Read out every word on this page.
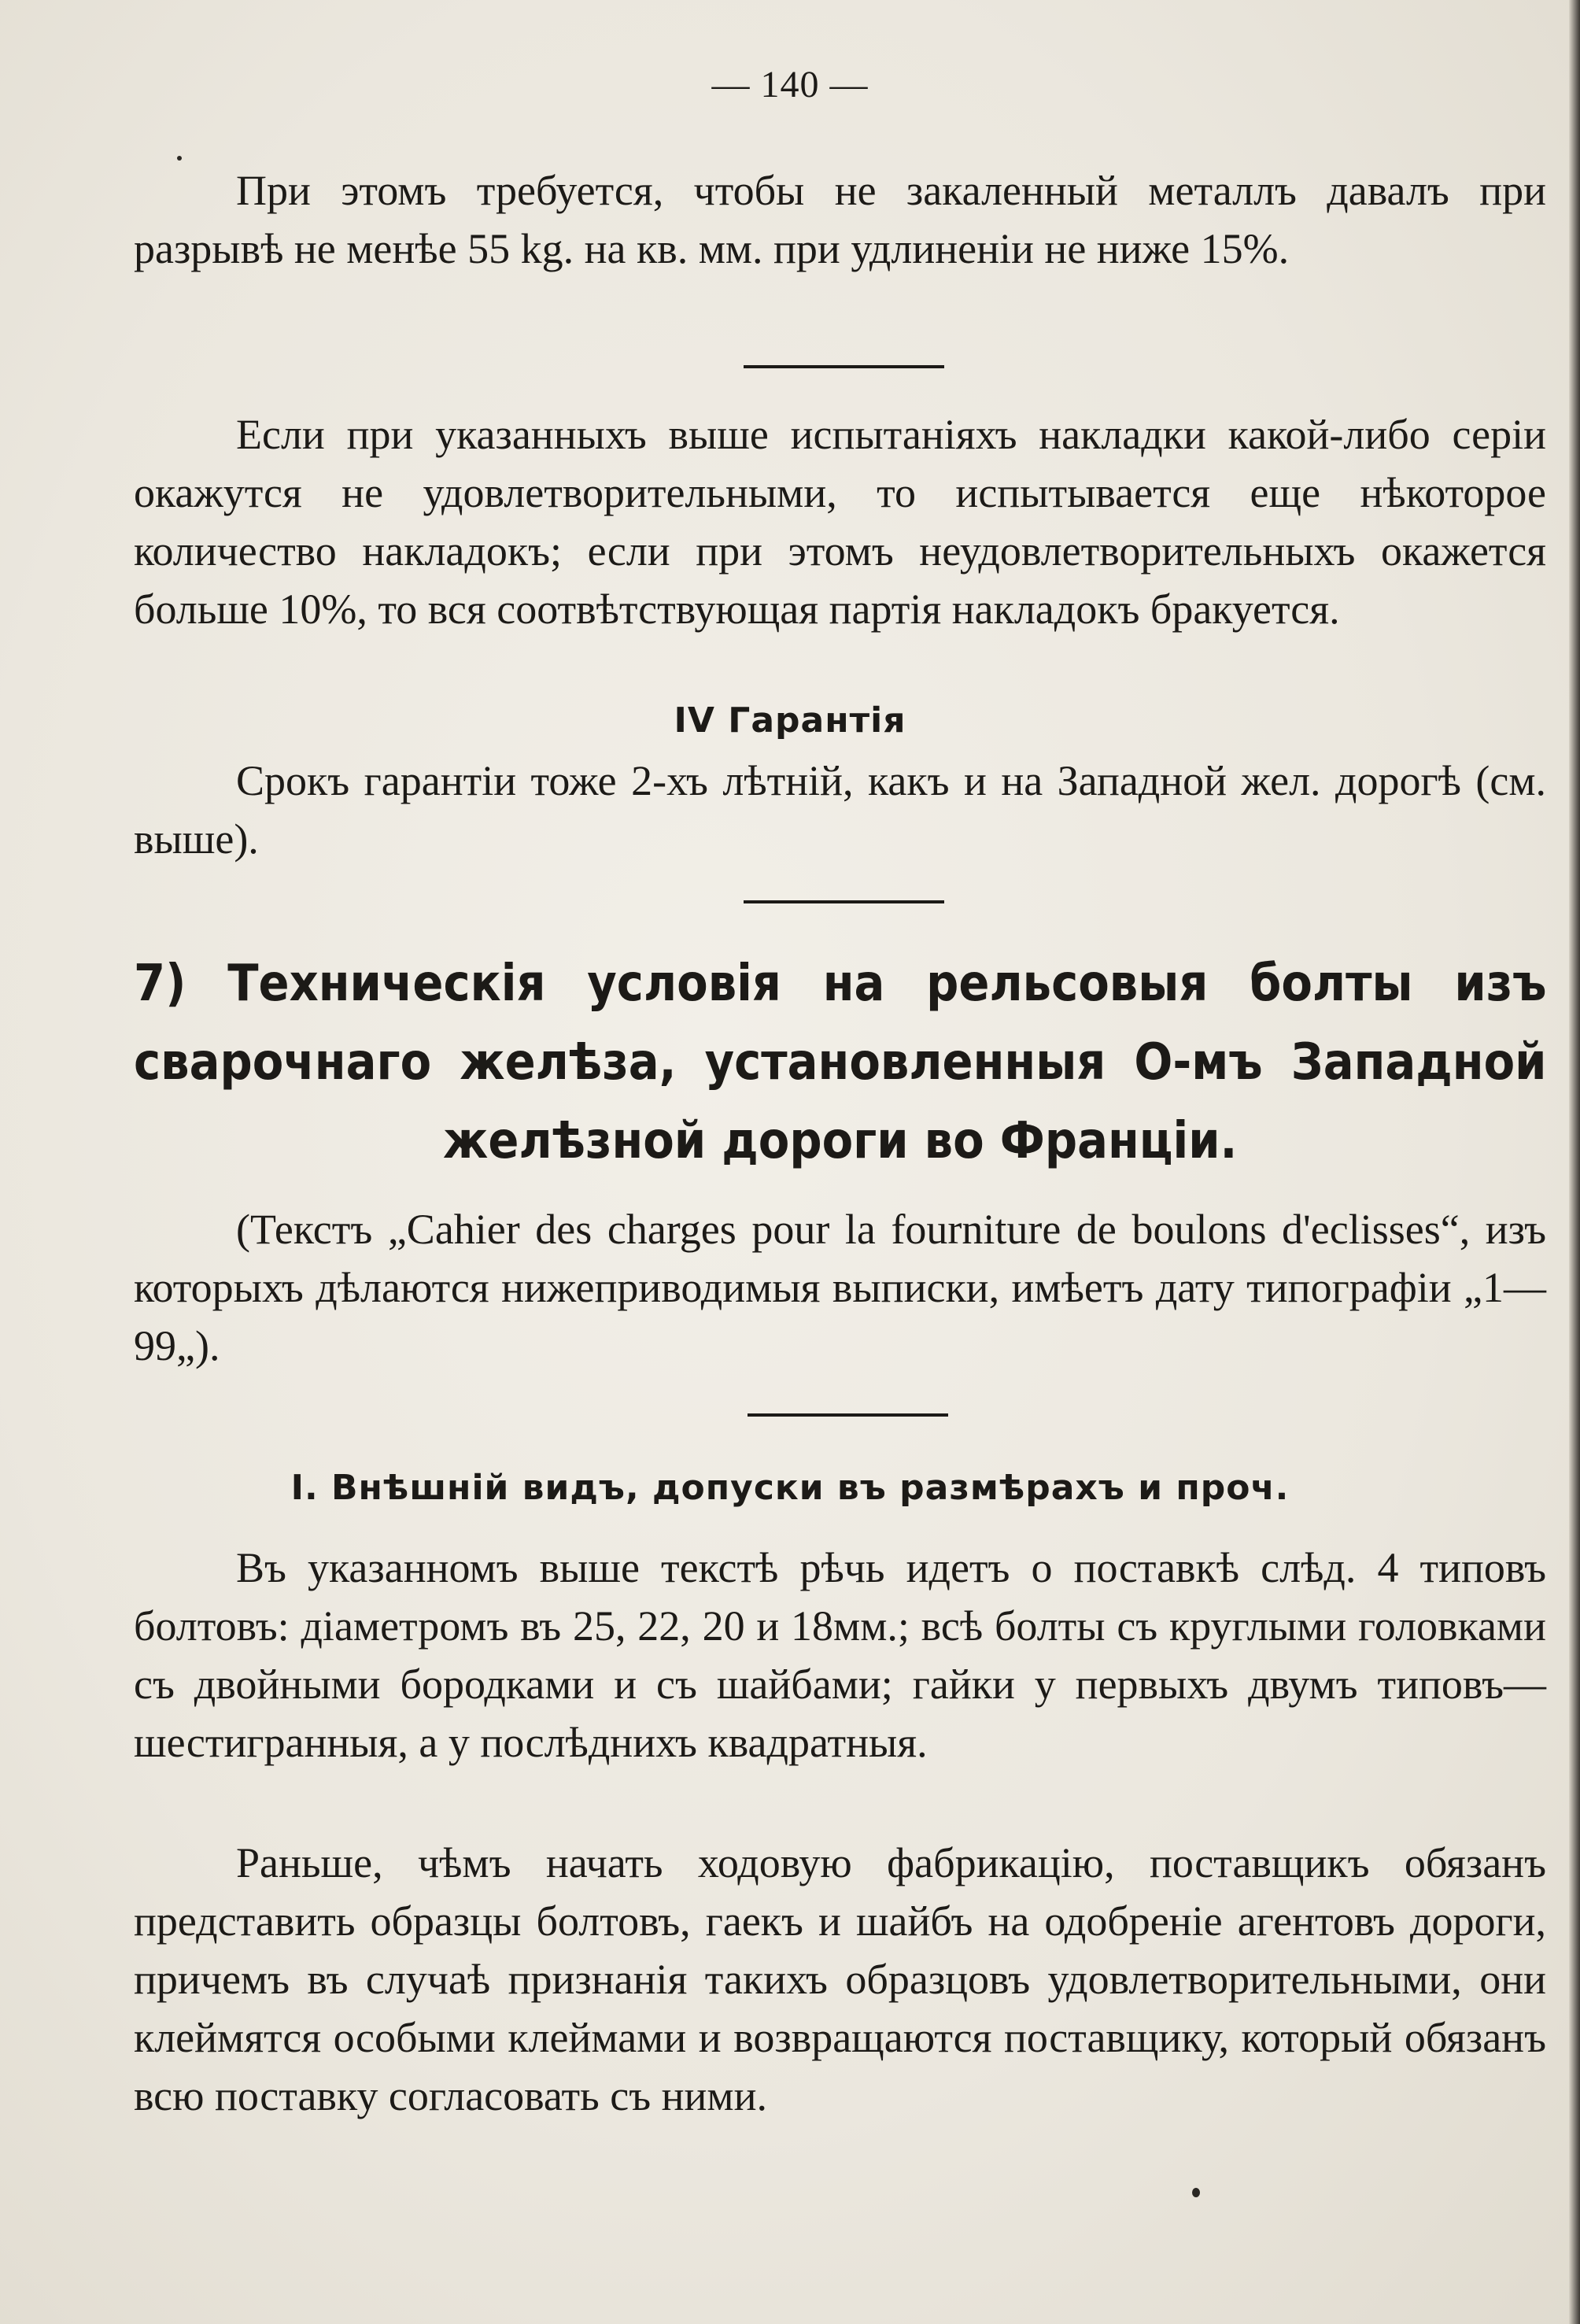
— 140 —

При этомъ требуется, чтобы не закаленный металлъ давалъ при разрывѣ не менѣе 55 kg. на кв. мм. при удлиненіи не ниже 15%.

Если при указанныхъ выше испытаніяхъ накладки какой-либо серіи окажутся не удовлетворительными, то испытывается еще нѣкоторое количество накладокъ; если при этомъ неудовлетворительныхъ окажется больше 10%, то вся соотвѣтствующая партія накладокъ бракуется.

IV Гарантія

Срокъ гарантіи тоже 2-хъ лѣтній, какъ и на Западной жел. дорогѣ (см. выше).

7) Техническія условія на рельсовыя болты изъ сварочнаго желѣза, установленныя О-мъ Западной желѣзной дороги во Франціи.

(Текстъ „Cahier des charges pour la fourniture de boulons d'eclisses“, изъ которыхъ дѣлаются нижеприводимыя выписки, имѣетъ дату типографіи „1—99„).

I. Внѣшній видъ, допуски въ размѣрахъ и проч.

Въ указанномъ выше текстѣ рѣчь идетъ о поставкѣ слѣд. 4 типовъ болтовъ: діаметромъ въ 25, 22, 20 и 18мм.; всѣ болты съ круглыми головками съ двойными бородками и съ шайбами; гайки у первыхъ двумъ типовъ— шестигранныя, а у послѣднихъ квадратныя.

Раньше, чѣмъ начать ходовую фабрикацію, поставщикъ обязанъ представить образцы болтовъ, гаекъ и шайбъ на одобреніе агентовъ дороги, причемъ въ случаѣ признанія такихъ образцовъ удовлетворительными, они клеймятся особыми клеймами и возвращаются поставщику, который обязанъ всю поставку согласовать съ ними.
